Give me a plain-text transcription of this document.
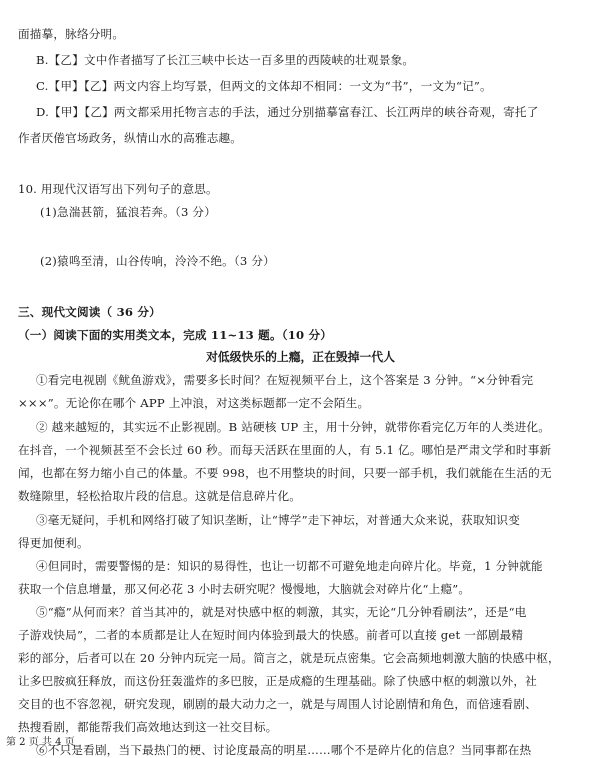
面描摹，脉络分明。
B.【乙】文中作者描写了长江三峡中长达一百多里的西陵峡的壮观景象。
C.【甲】【乙】两文内容上均写景，但两文的文体却不相同：一文为“书”，一文为“记”。
D.【甲】【乙】两文都采用托物言志的手法，通过分别描摹富春江、长江两岸的峡谷奇观，寄托了
作者厌倦官场政务，纵情山水的高雅志趣。
10. 用现代汉语写出下列句子的意思。
(1)急湍甚箭，猛浪若奔。（3 分）
(2)猿鸣至清，山谷传响，泠泠不绝。（3 分）
三、现代文阅读（ 36 分）
（一）阅读下面的实用类文本，完成 11~13 题。（10 分）
对低级快乐的上瘾，正在毁掉一代人
①看完电视剧《鱿鱼游戏》，需要多长时间？在短视频平台上，这个答案是 3 分钟。“×分钟看完
×××”。无论你在哪个 APP 上冲浪，对这类标题都一定不会陌生。
② 越来越短的，其实远不止影视剧。B 站硬核 UP 主，用十分钟，就带你看完亿万年的人类进化。
在抖音，一个视频甚至不会长过 60 秒。而每天活跃在里面的人，有 5.1 亿。哪怕是严肃文学和时事新
闻，也都在努力缩小自己的体量。不要 998，也不用整块的时间，只要一部手机，我们就能在生活的无
数缝隙里，轻松拾取片段的信息。这就是信息碎片化。
③毫无疑问，手机和网络打破了知识垄断，让“博学”走下神坛，对普通大众来说，获取知识变
得更加便利。
④但同时，需要警惕的是：知识的易得性，也让一切都不可避免地走向碎片化。毕竟，1 分钟就能
获取一个信息增量，那又何必花 3 小时去研究呢？慢慢地，大脑就会对碎片化“上瘾”。
⑤“瘾”从何而来？首当其冲的，就是对快感中枢的刺激，其实，无论“几分钟看刷法”，还是“电
子游戏快局”，二者的本质都是让人在短时间内体验到最大的快感。前者可以直接 get 一部剧最精
彩的部分，后者可以在 20 分钟内玩完一局。简言之，就是玩点密集。它会高频地刺激大脑的快感中枢，
让多巴胺疯狂释放，而这份狂轰滥炸的多巴胺，正是成瘾的生理基础。除了快感中枢的刺激以外，社
交目的也不容忽视，研究发现，刷剧的最大动力之一，就是与周围人讨论剧情和角色，而倍速看剧、
热搜看剧，都能帮我们高效地达到这一社交目标。
⑥不只是看剧，当下最热门的梗、讨论度最高的明星……哪个不是碎片化的信息？当同事都在热
第 2 页 共 4 页
